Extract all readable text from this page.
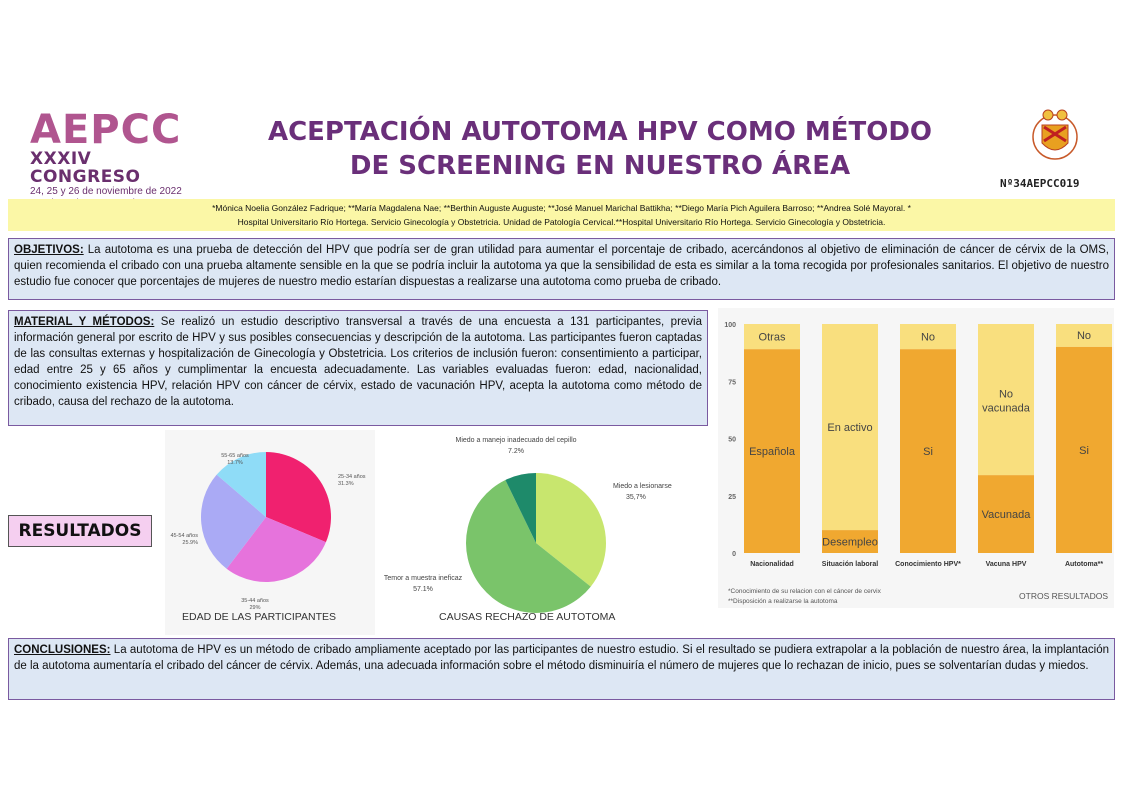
AEPCC
XXXIV CONGRESO
24, 25 y 26 de noviembre de 2022
ACEPTACIÓN AUTOTOMA HPV COMO MÉTODO
DE SCREENING EN NUESTRO ÁREA
Nº34AEPCC019
*Mónica Noelia González Fadrique; **María Magdalena Nae; **Berthin Auguste Auguste; **José Manuel Marichal Battikha; **Diego María Pich Aguilera Barroso; **Andrea Solé Mayoral. *
Hospital Universitario Río Hortega. Servicio Ginecología y Obstetricia. Unidad de Patología Cervical.**Hospital Universitario Río Hortega. Servicio Ginecología y Obstetricia.
OBJETIVOS: La autotoma es una prueba de detección del HPV que podría ser de gran utilidad para aumentar el porcentaje de cribado, acercándonos al objetivo de eliminación de cáncer de cérvix de la OMS, quien recomienda el cribado con una prueba altamente sensible en la que se podría incluir la autotoma ya que la sensibilidad de esta es similar a la toma recogida por profesionales sanitarios. El objetivo de nuestro estudio fue conocer que porcentajes de mujeres de nuestro medio estarían dispuestas a realizarse una autotoma como prueba de cribado.
MATERIAL Y MÉTODOS: Se realizó un estudio descriptivo transversal a través de una encuesta a 131 participantes, previa información general por escrito de HPV y sus posibles consecuencias y descripción de la autotoma. Las participantes fueron captadas de las consultas externas y hospitalización de Ginecología y Obstetricia. Los criterios de inclusión fueron: consentimiento a participar, edad entre 25 y 65 años y cumplimentar la encuesta adecuadamente. Las variables evaluadas fueron: edad, nacionalidad, conocimiento existencia HPV, relación HPV con cáncer de cérvix, estado de vacunación HPV, acepta la autotoma como método de cribado, causa del rechazo de la autotoma.
RESULTADOS
25-34 años
31.3%
35-44 años
29%
45-54 años
25.9%
55-65 años
13.7%
EDAD DE LAS PARTICIPANTES
Miedo a lesionarse
35,7%
Temor a muestra ineficaz
57.1%
Miedo a manejo inadecuado del cepillo
7.2%
CAUSAS RECHAZO DE AUTOTOMA
0
25
50
75
100
Otras
Española
Nacionalidad
En activo
Desempleo
Situación laboral
No
Si
Conocimiento HPV*
No
vacunada
Vacunada
Vacuna HPV
No
Si
Autotoma**
*Conocimiento de su relacion con el cáncer de cervix
**Disposición a realizarse la autotoma
OTROS RESULTADOS
CONCLUSIONES: La autotoma de HPV es un método de cribado ampliamente aceptado por las participantes de nuestro estudio. Si el resultado se pudiera extrapolar a la población de nuestro área, la implantación de la autotoma aumentaría el cribado del cáncer de cérvix. Además, una adecuada información sobre el método disminuiría el número de mujeres que lo rechazan de inicio, pues se solventarían dudas y miedos.
